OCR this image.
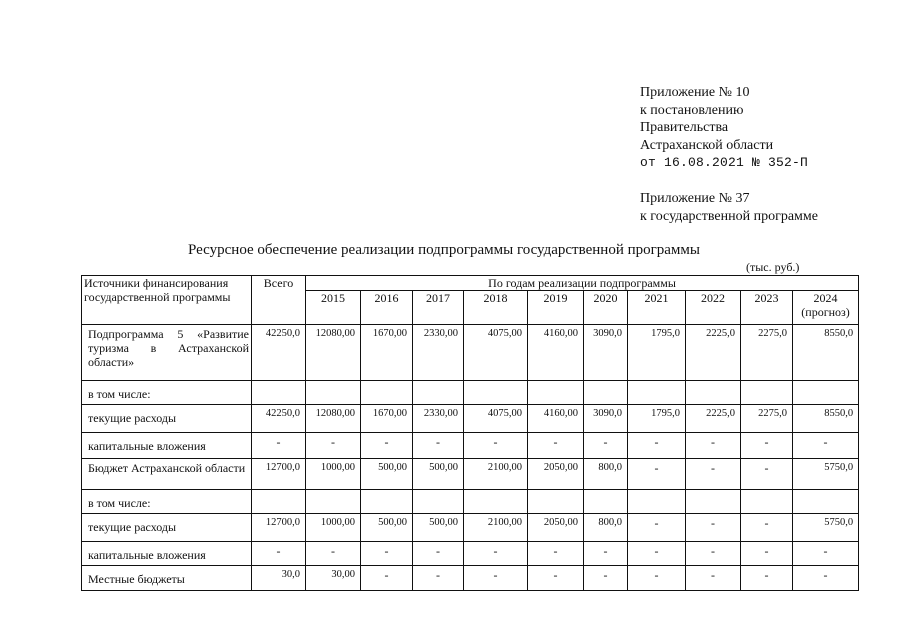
Приложение № 10
к постановлению
Правительства
Астраханской области
от 16.08.2021 № 352-П
Приложение № 37
к государственной программе
Ресурсное обеспечение реализации подпрограммы государственной программы
(тыс. руб.)
Источники финансирования государственной программы	Всего	По годам реализации подпрограммы									
		2015	2016	2017	2018	2019	2020	2021	2022	2023	2024 (прогноз)
Подпрограмма 5 «Развитие туризма в Астраханской области»	42250,0	12080,00	1670,00	2330,00	4075,00	4160,00	3090,0	1795,0	2225,0	2275,0	8550,0
в том числе:											
текущие расходы	42250,0	12080,00	1670,00	2330,00	4075,00	4160,00	3090,0	1795,0	2225,0	2275,0	8550,0
капитальные вложения	-	-	-	-	-	-	-	-	-	-	-
Бюджет Астраханской области	12700,0	1000,00	500,00	500,00	2100,00	2050,00	800,0	-	-	-	5750,0
в том числе:											
текущие расходы	12700,0	1000,00	500,00	500,00	2100,00	2050,00	800,0	-	-	-	5750,0
капитальные вложения	-	-	-	-	-	-	-	-	-	-	-
Местные бюджеты	30,0	30,00	-	-	-	-	-	-	-	-	-
